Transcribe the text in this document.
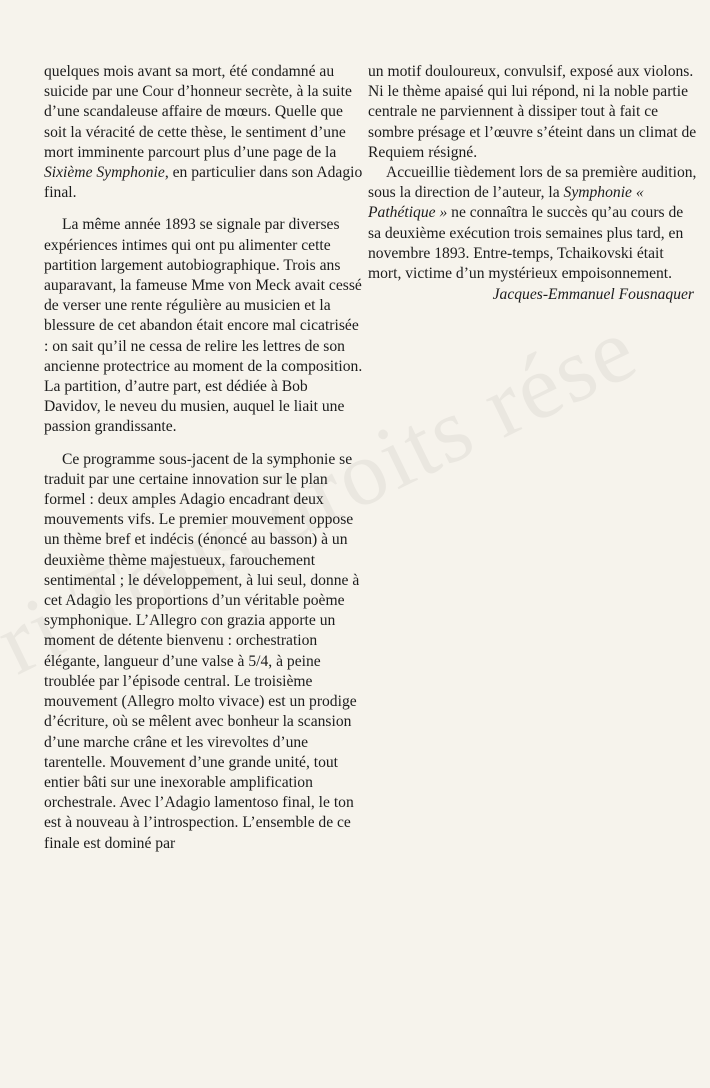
quelques mois avant sa mort, été condamné au suicide par une Cour d’honneur secrète, à la suite d’une scandaleuse affaire de mœurs. Quelle que soit la véracité de cette thèse, le sentiment d’une mort imminente parcourt plus d’une page de la Sixième Symphonie, en particulier dans son Adagio final.

La même année 1893 se signale par diverses expériences intimes qui ont pu alimenter cette partition largement autobiographique. Trois ans auparavant, la fameuse Mme von Meck avait cessé de verser une rente régulière au musicien et la blessure de cet abandon était encore mal cicatrisée : on sait qu’il ne cessa de relire les lettres de son ancienne protectrice au moment de la composition. La partition, d’autre part, est dédiée à Bob Davidov, le neveu du musien, auquel le liait une passion grandissante.

Ce programme sous-jacent de la symphonie se traduit par une certaine innovation sur le plan formel : deux amples Adagio encadrant deux mouvements vifs. Le premier mouvement oppose un thème bref et indécis (énoncé au basson) à un deuxième thème majestueux, farouchement sentimental ; le développement, à lui seul, donne à cet Adagio les proportions d’un véritable poème symphonique. L’Allegro con grazia apporte un moment de détente bienvenu : orchestration élégante, langueur d’une valse à 5/4, à peine troublée par l’épisode central. Le troisième mouvement (Allegro molto vivace) est un prodige d’écriture, où se mêlent avec bonheur la scansion d’une marche crâne et les virevoltes d’une tarentelle. Mouvement d’une grande unité, tout entier bâti sur une inexorable amplification orchestrale. Avec l’Adagio lamentoso final, le ton est à nouveau à l’introspection. L’ensemble de ce finale est dominé par

un motif douloureux, convulsif, exposé aux violons. Ni le thème apaisé qui lui répond, ni la noble partie centrale ne parviennent à dissiper tout à fait ce sombre présage et l’œuvre s’éteint dans un climat de Requiem résigné.

Accueillie tièdement lors de sa première audition, sous la direction de l’auteur, la Symphonie « Pathétique » ne connaîtra le succès qu’au cours de sa deuxième exécution trois semaines plus tard, en novembre 1893. Entre-temps, Tchaikovski était mort, victime d’un mystérieux empoisonnement.

Jacques-Emmanuel Fousnaquer
